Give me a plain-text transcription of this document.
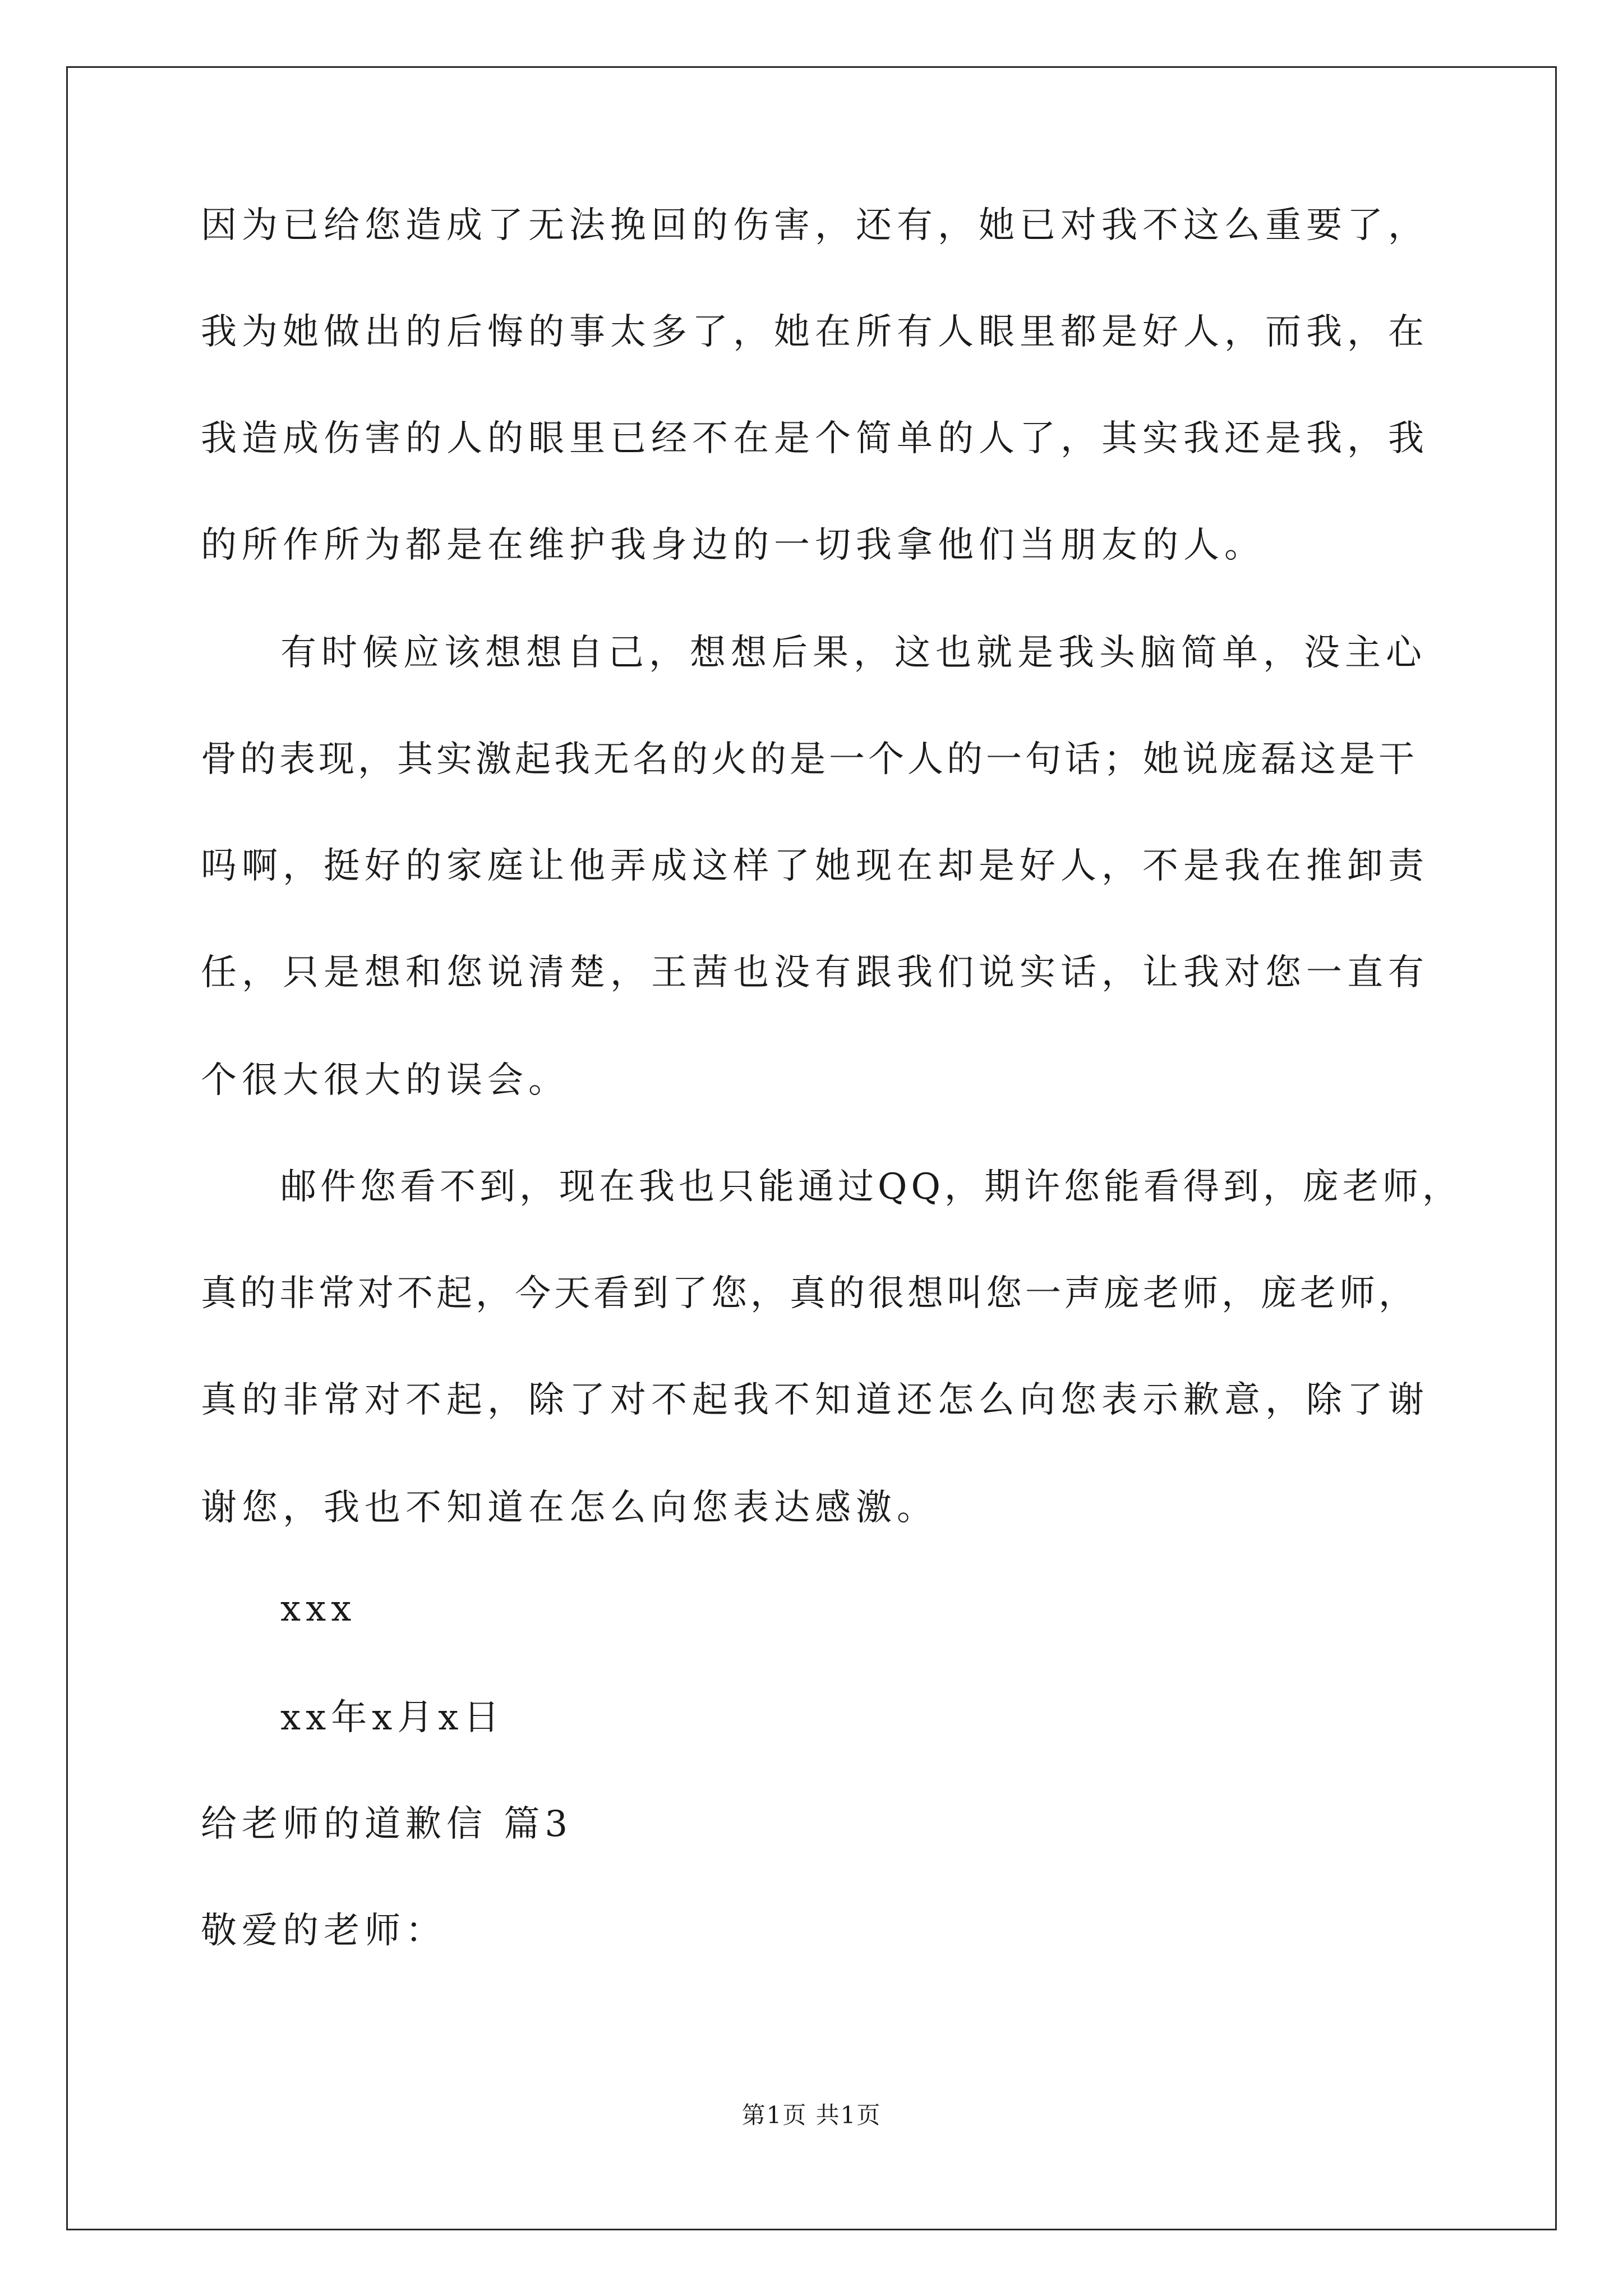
因为已给您造成了无法挽回的伤害，还有，她已对我不这么重要了，
我为她做出的后悔的事太多了，她在所有人眼里都是好人，而我，在
我造成伤害的人的眼里已经不在是个简单的人了，其实我还是我，我
的所作所为都是在维护我身边的一切我拿他们当朋友的人。
有时候应该想想自己，想想后果，这也就是我头脑简单，没主心
骨的表现，其实激起我无名的火的是一个人的一句话；她说庞磊这是干
吗啊，挺好的家庭让他弄成这样了她现在却是好人，不是我在推卸责
任，只是想和您说清楚，王茜也没有跟我们说实话，让我对您一直有
个很大很大的误会。
邮件您看不到，现在我也只能通过QQ，期许您能看得到，庞老师，
真的非常对不起，今天看到了您，真的很想叫您一声庞老师，庞老师，
真的非常对不起，除了对不起我不知道还怎么向您表示歉意，除了谢
谢您，我也不知道在怎么向您表达感激。
xxx
xx年x月x日
给老师的道歉信 篇3
敬爱的老师：
第1页 共1页
